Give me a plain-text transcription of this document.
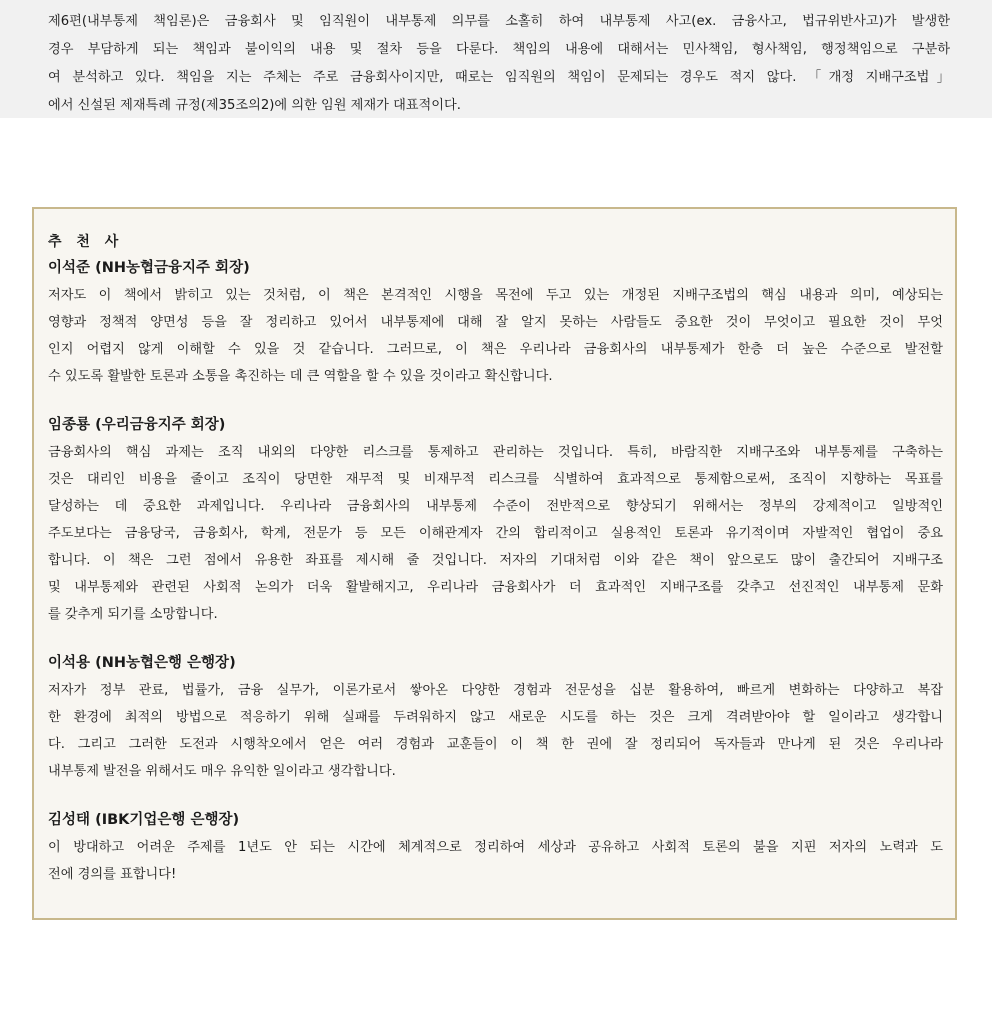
제6편(내부통제 책임론)은 금융회사 및 임직원이 내부통제 의무를 소홀히 하여 내부통제 사고(ex. 금융사고, 법규위반사고)가 발생한
경우 부담하게 되는 책임과 불이익의 내용 및 절차 등을 다룬다. 책임의 내용에 대해서는 민사책임, 형사책임, 행정책임으로 구분하
여 분석하고 있다. 책임을 지는 주체는 주로 금융회사이지만, 때로는 임직원의 책임이 문제되는 경우도 적지 않다. 「개정 지배구조법」
에서 신설된 제재특례 규정(제35조의2)에 의한 임원 제재가 대표적이다.
추 천 사
이석준 (NH농협금융지주 회장)
저자도 이 책에서 밝히고 있는 것처럼, 이 책은 본격적인 시행을 목전에 두고 있는 개정된 지배구조법의 핵심 내용과 의미, 예상되는
영향과 정책적 양면성 등을 잘 정리하고 있어서 내부통제에 대해 잘 알지 못하는 사람들도 중요한 것이 무엇이고 필요한 것이 무엇
인지 어렵지 않게 이해할 수 있을 것 같습니다. 그러므로, 이 책은 우리나라 금융회사의 내부통제가 한층 더 높은 수준으로 발전할
수 있도록 활발한 토론과 소통을 촉진하는 데 큰 역할을 할 수 있을 것이라고 확신합니다.
임종룡 (우리금융지주 회장)
금융회사의 핵심 과제는 조직 내외의 다양한 리스크를 통제하고 관리하는 것입니다. 특히, 바람직한 지배구조와 내부통제를 구축하는
것은 대리인 비용을 줄이고 조직이 당면한 재무적 및 비재무적 리스크를 식별하여 효과적으로 통제함으로써, 조직이 지향하는 목표를
달성하는 데 중요한 과제입니다. 우리나라 금융회사의 내부통제 수준이 전반적으로 향상되기 위해서는 정부의 강제적이고 일방적인
주도보다는 금융당국, 금융회사, 학계, 전문가 등 모든 이해관계자 간의 합리적이고 실용적인 토론과 유기적이며 자발적인 협업이 중요
합니다. 이 책은 그런 점에서 유용한 좌표를 제시해 줄 것입니다. 저자의 기대처럼 이와 같은 책이 앞으로도 많이 출간되어 지배구조
및 내부통제와 관련된 사회적 논의가 더욱 활발해지고, 우리나라 금융회사가 더 효과적인 지배구조를 갖추고 선진적인 내부통제 문화
를 갖추게 되기를 소망합니다.
이석용 (NH농협은행 은행장)
저자가 정부 관료, 법률가, 금융 실무가, 이론가로서 쌓아온 다양한 경험과 전문성을 십분 활용하여, 빠르게 변화하는 다양하고 복잡
한 환경에 최적의 방법으로 적응하기 위해 실패를 두려워하지 않고 새로운 시도를 하는 것은 크게 격려받아야 할 일이라고 생각합니
다. 그리고 그러한 도전과 시행착오에서 얻은 여러 경험과 교훈들이 이 책 한 권에 잘 정리되어 독자들과 만나게 된 것은 우리나라
내부통제 발전을 위해서도 매우 유익한 일이라고 생각합니다.
김성태 (IBK기업은행 은행장)
이 방대하고 어려운 주제를 1년도 안 되는 시간에 체계적으로 정리하여 세상과 공유하고 사회적 토론의 불을 지핀 저자의 노력과 도
전에 경의를 표합니다!
